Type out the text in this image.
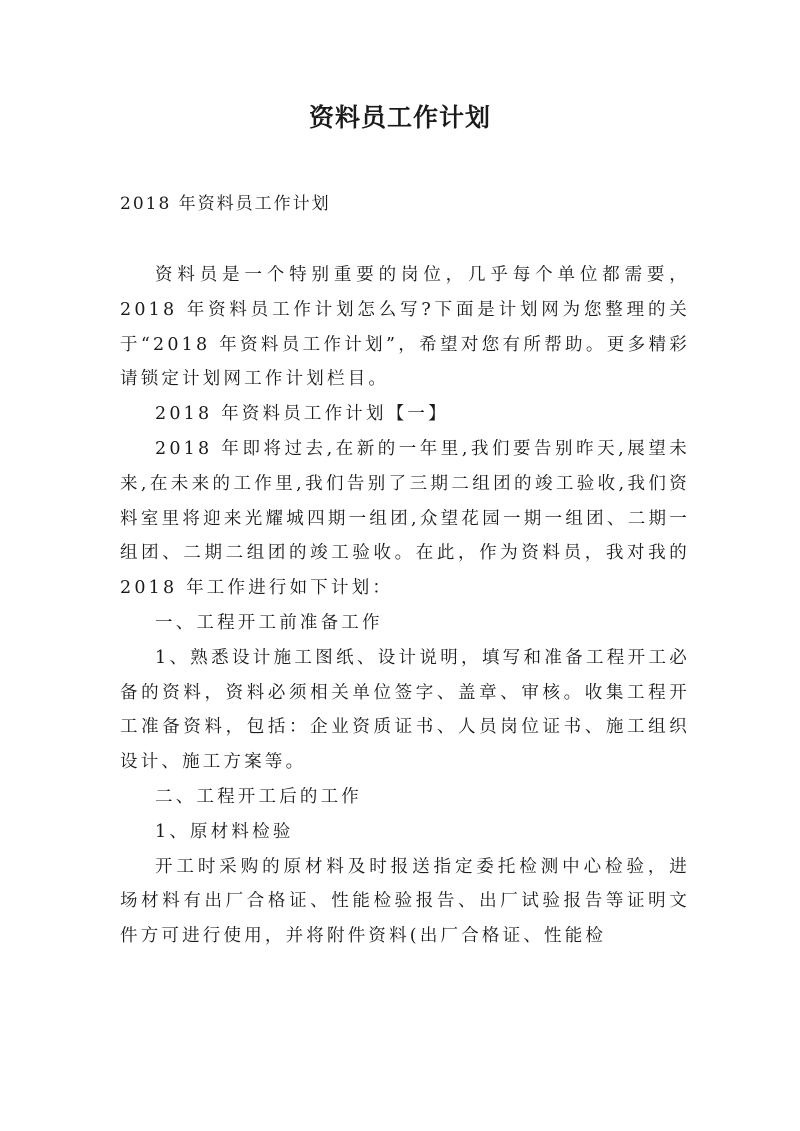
资料员工作计划

2018 年资料员工作计划

资料员是一个特别重要的岗位，几乎每个单位都需要，2018 年资料员工作计划怎么写?下面是计划网为您整理的关于“2018 年资料员工作计划”，希望对您有所帮助。更多精彩请锁定计划网工作计划栏目。

2018 年资料员工作计划【一】

2018 年即将过去,在新的一年里,我们要告别昨天,展望未来,在未来的工作里,我们告别了三期二组团的竣工验收,我们资料室里将迎来光耀城四期一组团,众望花园一期一组团、二期一组团、二期二组团的竣工验收。在此，作为资料员，我对我的 2018 年工作进行如下计划：

一、工程开工前准备工作

1、熟悉设计施工图纸、设计说明，填写和准备工程开工必备的资料，资料必须相关单位签字、盖章、审核。收集工程开工准备资料，包括：企业资质证书、人员岗位证书、施工组织设计、施工方案等。

二、工程开工后的工作

1、原材料检验

开工时采购的原材料及时报送指定委托检测中心检验，进场材料有出厂合格证、性能检验报告、出厂试验报告等证明文件方可进行使用，并将附件资料(出厂合格证、性能检
